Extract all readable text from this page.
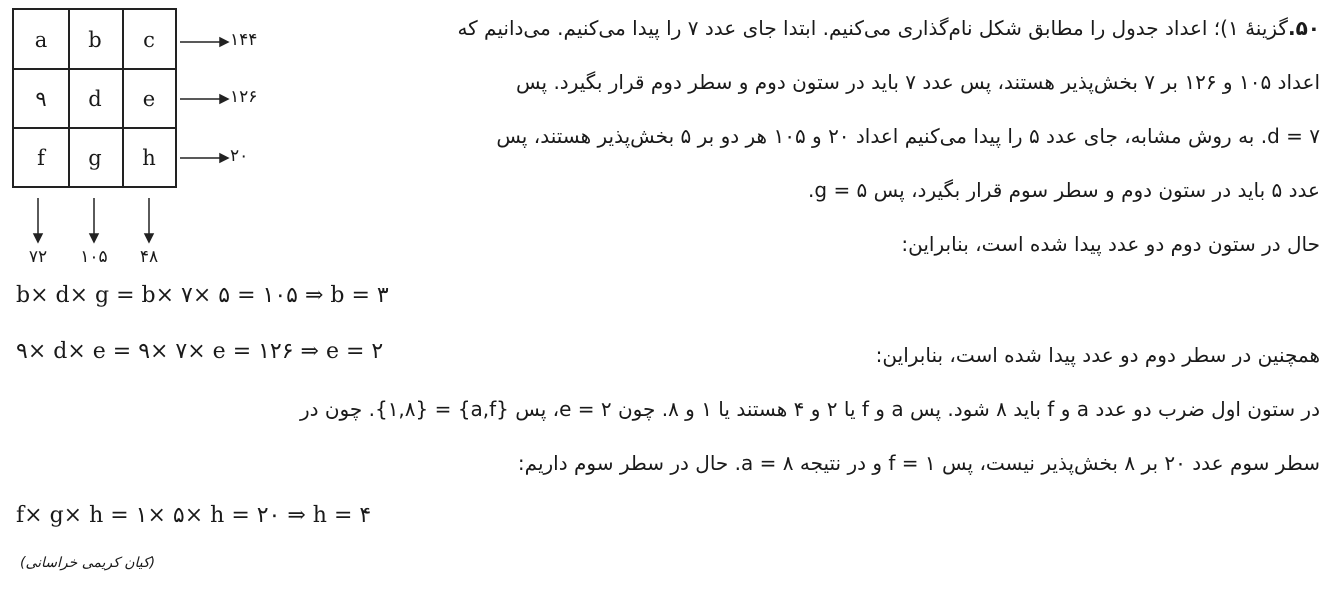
a	b	c
۹	d	e
f	g	h
۱۴۴
۱۲۶
۲۰
۷۲	۱۰۵	۴۸
۵۰.گزینۀ ۱)؛ اعداد جدول را مطابق شکل نام‌گذاری می‌کنیم. ابتدا جای عدد ۷ را پیدا می‌کنیم. می‌دانیم که
اعداد ۱۰۵ و ۱۲۶ بر ۷ بخش‌پذیر هستند، پس عدد ۷ باید در ستون دوم و سطر دوم قرار بگیرد. پس
d = ۷. به روش مشابه، جای عدد ۵ را پیدا می‌کنیم اعداد ۲۰ و ۱۰۵ هر دو بر ۵ بخش‌پذیر هستند، پس
عدد ۵ باید در ستون دوم و سطر سوم قرار بگیرد، پس g = ۵.
حال در ستون دوم دو عدد پیدا شده است، بنابراین:
b× d× g = b× ۷× ۵ = ۱۰۵ ⇒ b = ۳
۹× d× e = ۹× ۷× e = ۱۲۶ ⇒ e = ۲	همچنین در سطر دوم دو عدد پیدا شده است، بنابراین:
در ستون اول ضرب دو عدد a و f باید ۸ شود. پس a و f یا ۲ و ۴ هستند یا ۱ و ۸. چون e = ۲، پس {a,f} = {۱,۸}. چون در
سطر سوم عدد ۲۰ بر ۸ بخش‌پذیر نیست، پس f = ۱ و در نتیجه a = ۸. حال در سطر سوم داریم:
f× g× h = ۱× ۵× h = ۲۰ ⇒ h = ۴
(کیان کریمی خراسانی)
